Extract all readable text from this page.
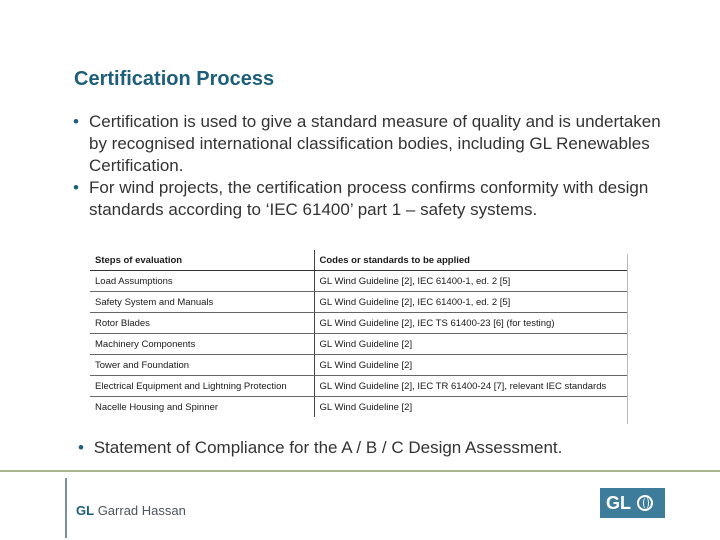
Certification Process
• Certification is used to give a standard measure of quality and is undertaken by recognised international classification bodies, including GL Renewables Certification.
• For wind projects, the certification process confirms conformity with design standards according to ‘IEC 61400’ part 1 – safety systems.
Steps of evaluation	Codes or standards to be applied
Load Assumptions	GL Wind Guideline [2], IEC 61400-1, ed. 2 [5]
Safety System and Manuals	GL Wind Guideline [2], IEC 61400-1, ed. 2 [5]
Rotor Blades	GL Wind Guideline [2], IEC TS 61400-23 [6] (for testing)
Machinery Components	GL Wind Guideline [2]
Tower and Foundation	GL Wind Guideline [2]
Electrical Equipment and Lightning Protection	GL Wind Guideline [2], IEC TR 61400-24 [7], relevant IEC standards
Nacelle Housing and Spinner	GL Wind Guideline [2]
• Statement of Compliance for the A / B / C Design Assessment.
GL Garrad Hassan	GL
